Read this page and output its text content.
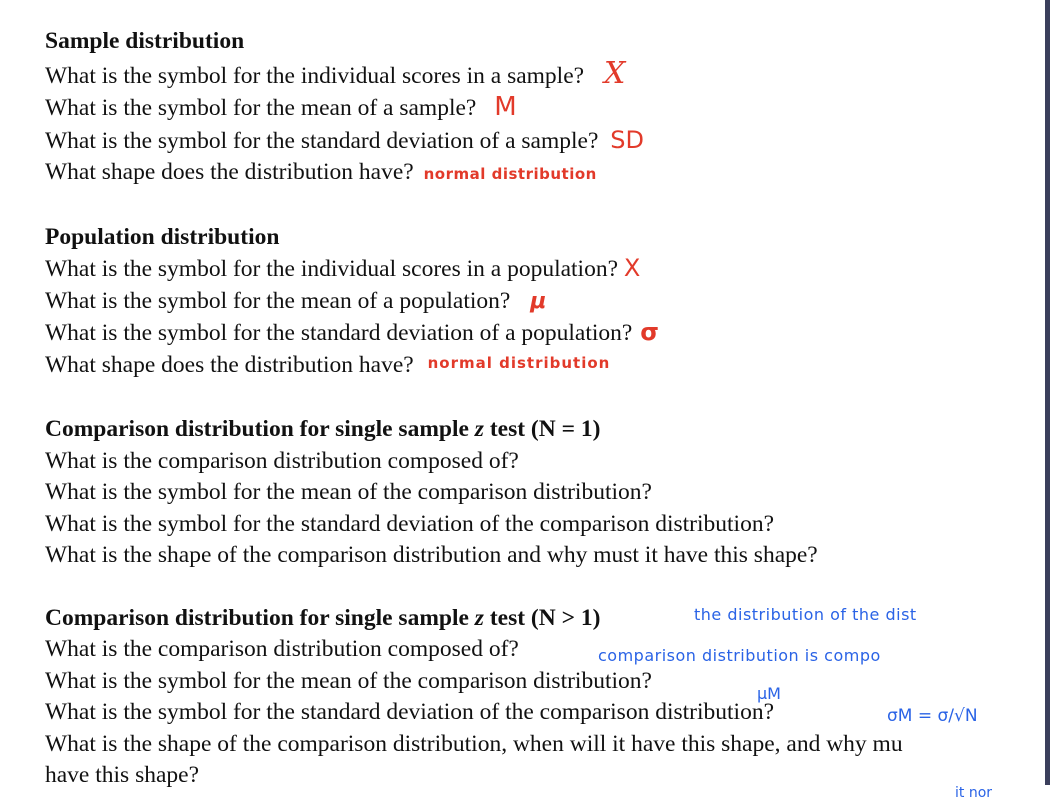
Sample distribution
What is the symbol for the individual scores in a sample? X
What is the symbol for the mean of a sample? M
What is the symbol for the standard deviation of a sample? SD
What shape does the distribution have? normal distribution
Population distribution
What is the symbol for the individual scores in a population? X
What is the symbol for the mean of a population? μ
What is the symbol for the standard deviation of a population? σ
What shape does the distribution have? normal distribution
Comparison distribution for single sample z test (N = 1)
What is the comparison distribution composed of?
What is the symbol for the mean of the comparison distribution?
What is the symbol for the standard deviation of the comparison distribution?
What is the shape of the comparison distribution and why must it have this shape?
Comparison distribution for single sample z test (N > 1)	the distribution of the dist
What is the comparison distribution composed of?	comparison distribution is compo
What is the symbol for the mean of the comparison distribution?	μM
What is the symbol for the standard deviation of the comparison distribution?	σM = σ/√N
What is the shape of the comparison distribution, when will it have this shape, and why mu
have this shape?
it nor
